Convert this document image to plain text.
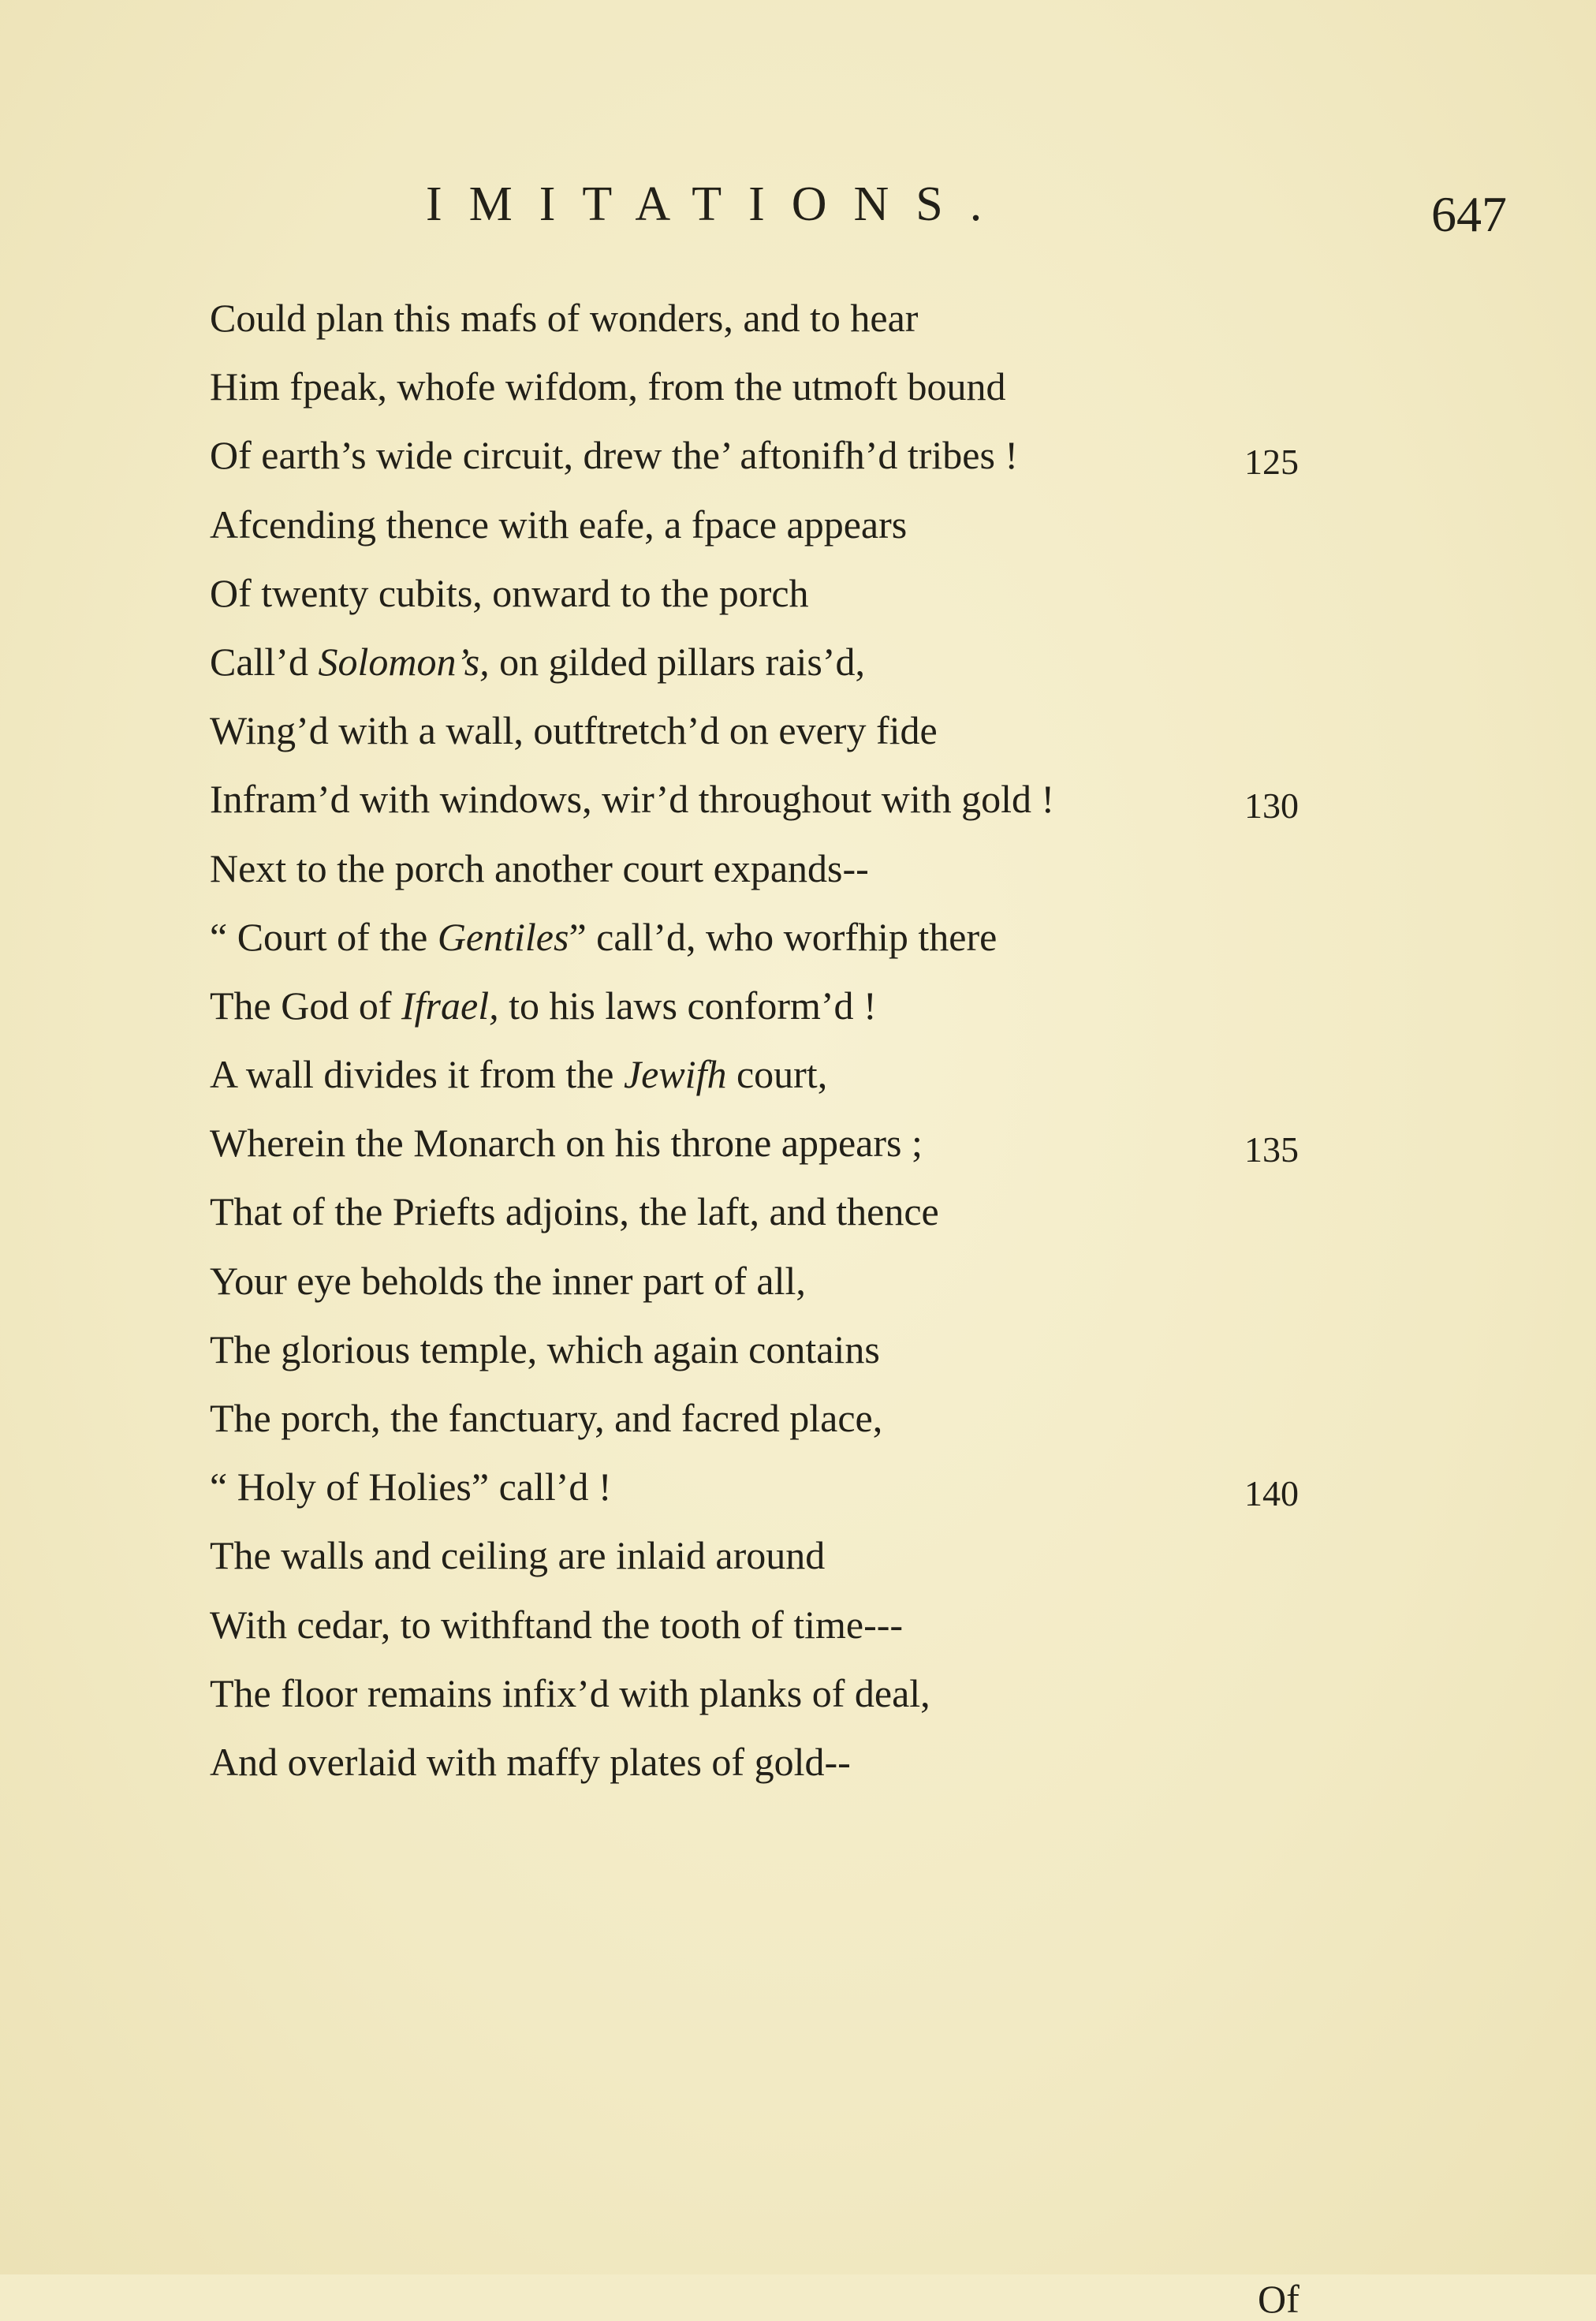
IMITATIONS.	647
Could plan this mafs of wonders, and to hear
Him fpeak, whofe wifdom, from the utmoft bound
Of earth’s wide circuit, drew the’ aftonifh’d tribes !	125
Afcending thence with eafe, a fpace appears
Of twenty cubits, onward to the porch
Call’d Solomon’s, on gilded pillars rais’d,
Wing’d with a wall, outftretch’d on every fide
Infram’d with windows, wir’d throughout with gold !	130
Next to the porch another court expands--
“ Court of the Gentiles” call’d, who worfhip there
The God of Ifrael, to his laws conform’d !
A wall divides it from the Jewifh court,
Wherein the Monarch on his throne appears ;	135
That of the Priefts adjoins, the laft, and thence
Your eye beholds the inner part of all,
The glorious temple, which again contains
The porch, the fanctuary, and facred place,
“ Holy of Holies” call’d !	140
The walls and ceiling are inlaid around
With cedar, to withftand the tooth of time---
The floor remains infix’d with planks of deal,
And overlaid with maffy plates of gold--
Of
